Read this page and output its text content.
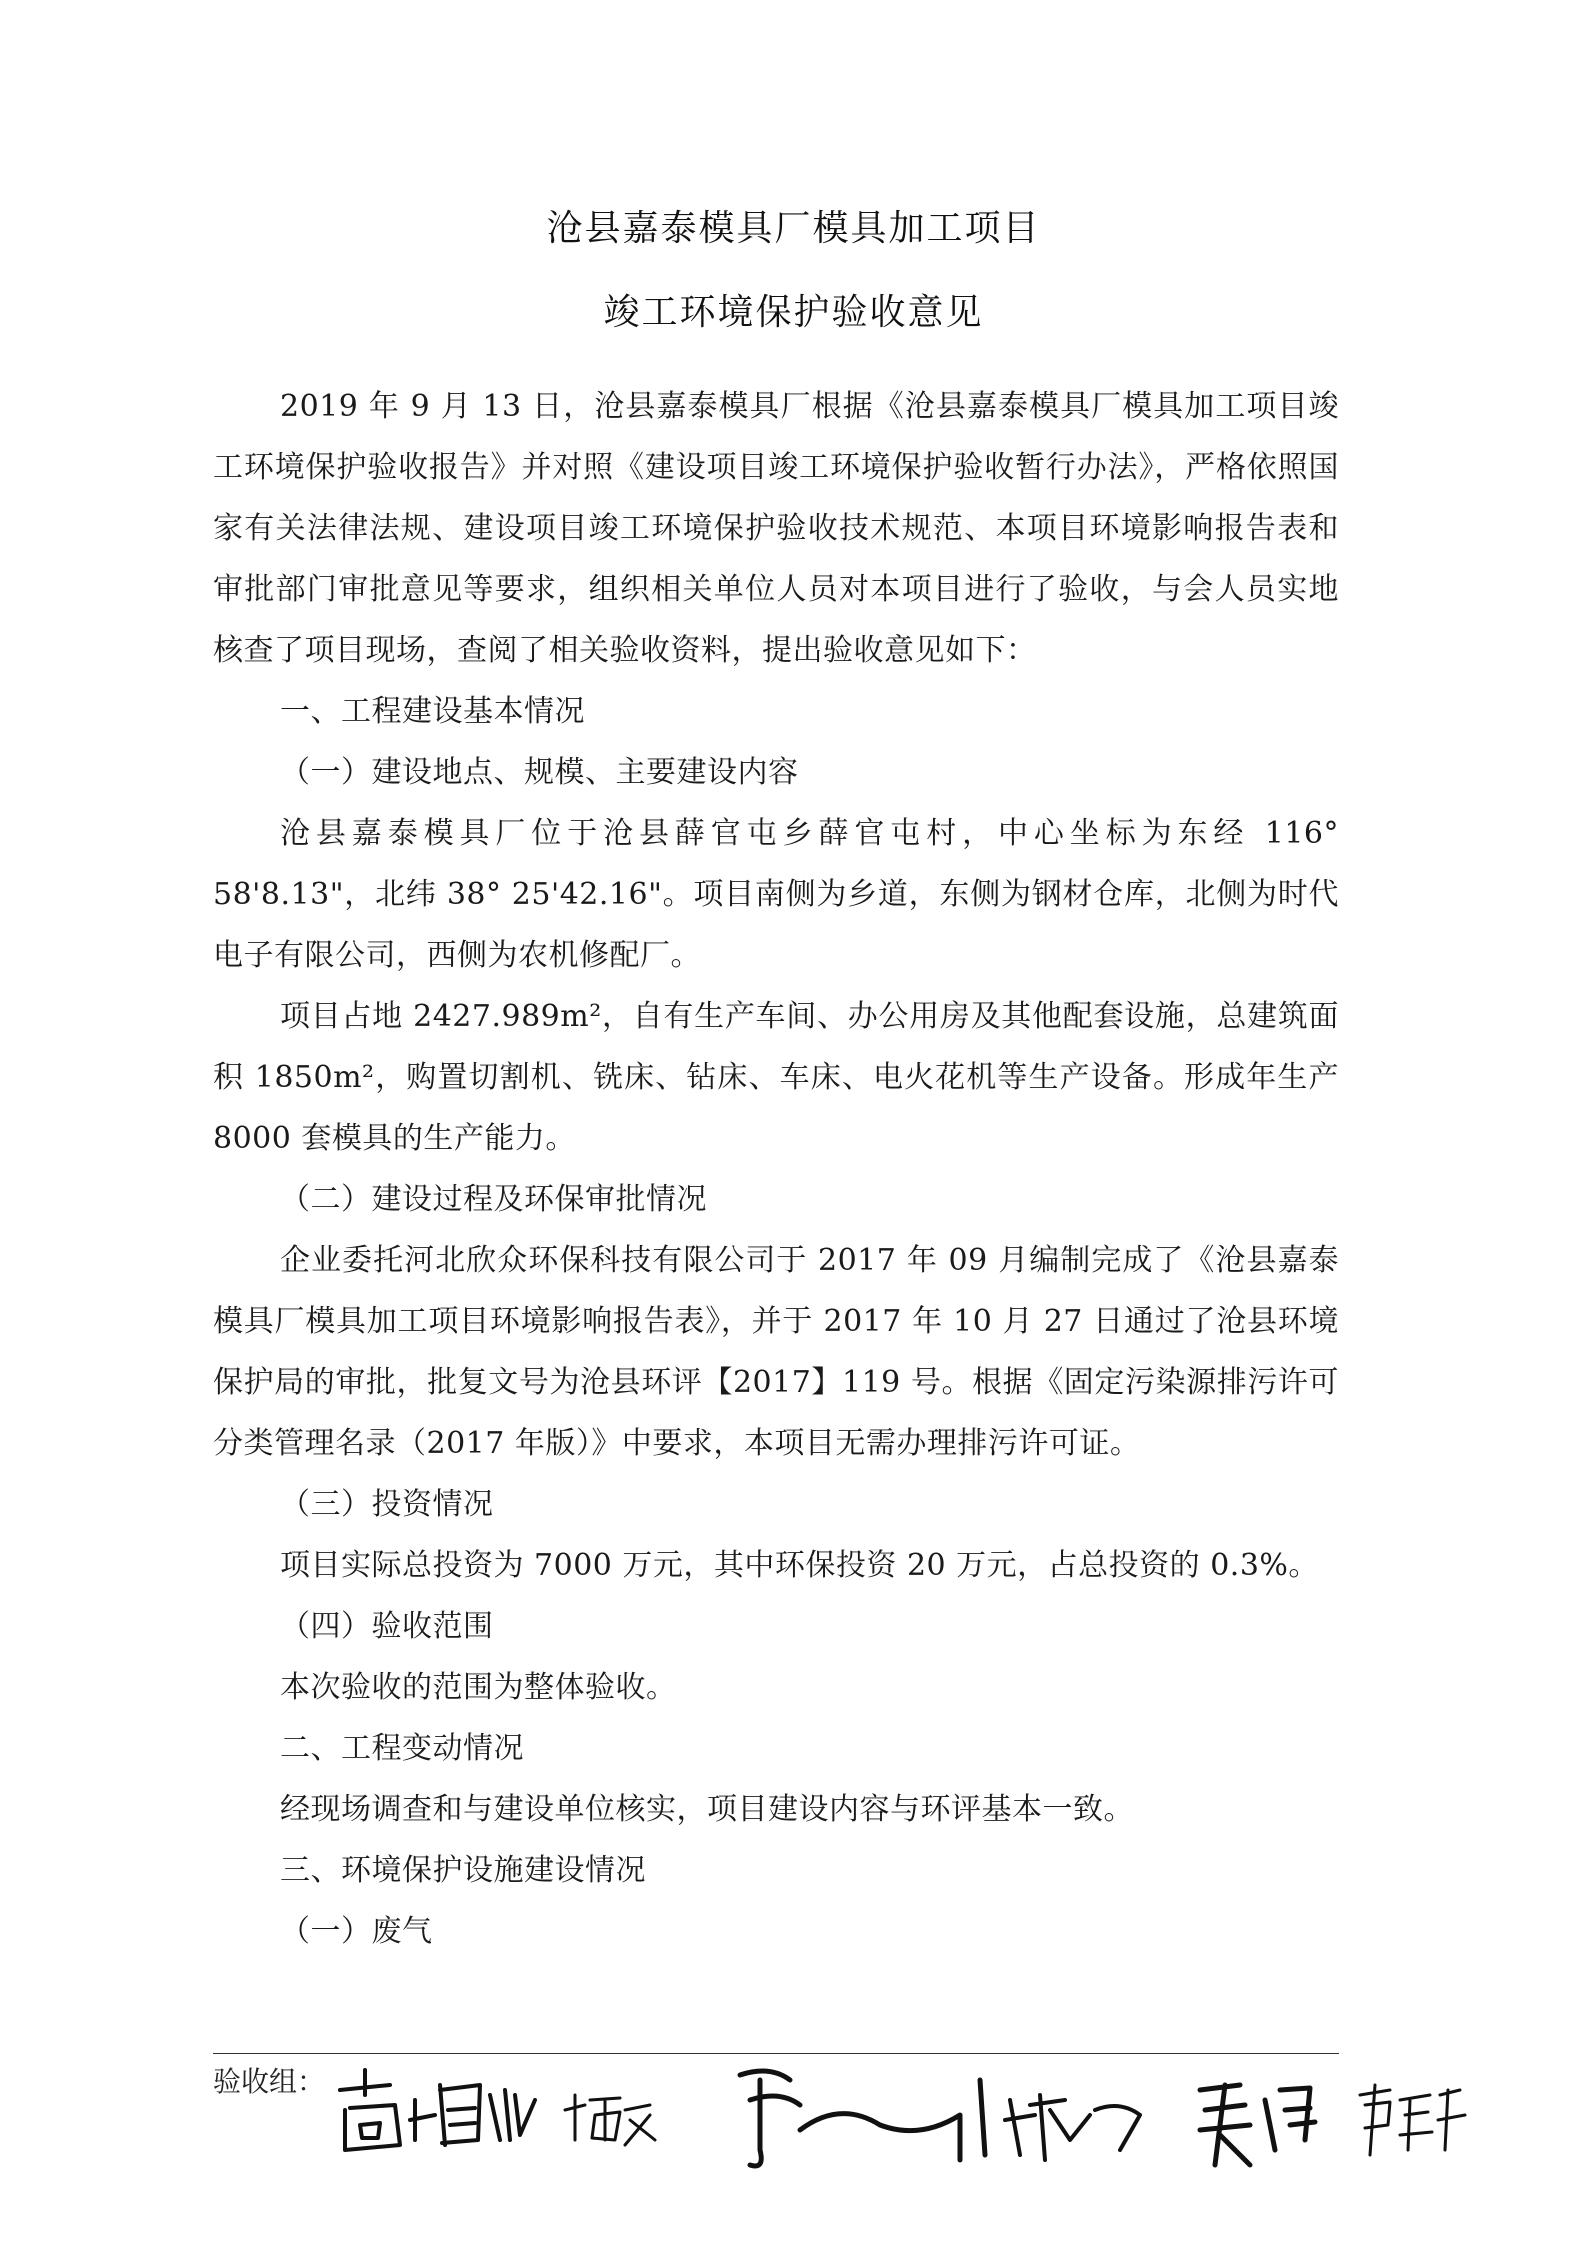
沧县嘉泰模具厂模具加工项目
竣工环境保护验收意见

2019 年 9 月 13 日，沧县嘉泰模具厂根据《沧县嘉泰模具厂模具加工项目竣工环境保护验收报告》并对照《建设项目竣工环境保护验收暂行办法》，严格依照国家有关法律法规、建设项目竣工环境保护验收技术规范、本项目环境影响报告表和审批部门审批意见等要求，组织相关单位人员对本项目进行了验收，与会人员实地核查了项目现场，查阅了相关验收资料，提出验收意见如下：

一、工程建设基本情况

（一）建设地点、规模、主要建设内容

沧县嘉泰模具厂位于沧县薛官屯乡薛官屯村，中心坐标为东经 116° 58'8.13"，北纬 38° 25'42.16"。项目南侧为乡道，东侧为钢材仓库，北侧为时代电子有限公司，西侧为农机修配厂。

项目占地 2427.989m²，自有生产车间、办公用房及其他配套设施，总建筑面积 1850m²，购置切割机、铣床、钻床、车床、电火花机等生产设备。形成年生产 8000 套模具的生产能力。

（二）建设过程及环保审批情况

企业委托河北欣众环保科技有限公司于 2017 年 09 月编制完成了《沧县嘉泰模具厂模具加工项目环境影响报告表》，并于 2017 年 10 月 27 日通过了沧县环境保护局的审批，批复文号为沧县环评【2017】119 号。根据《固定污染源排污许可分类管理名录（2017 年版）》中要求，本项目无需办理排污许可证。

（三）投资情况

项目实际总投资为 7000 万元，其中环保投资 20 万元，占总投资的 0.3%。

（四）验收范围

本次验收的范围为整体验收。

二、工程变动情况

经现场调查和与建设单位核实，项目建设内容与环评基本一致。

三、环境保护设施建设情况

（一）废气

验收组：
